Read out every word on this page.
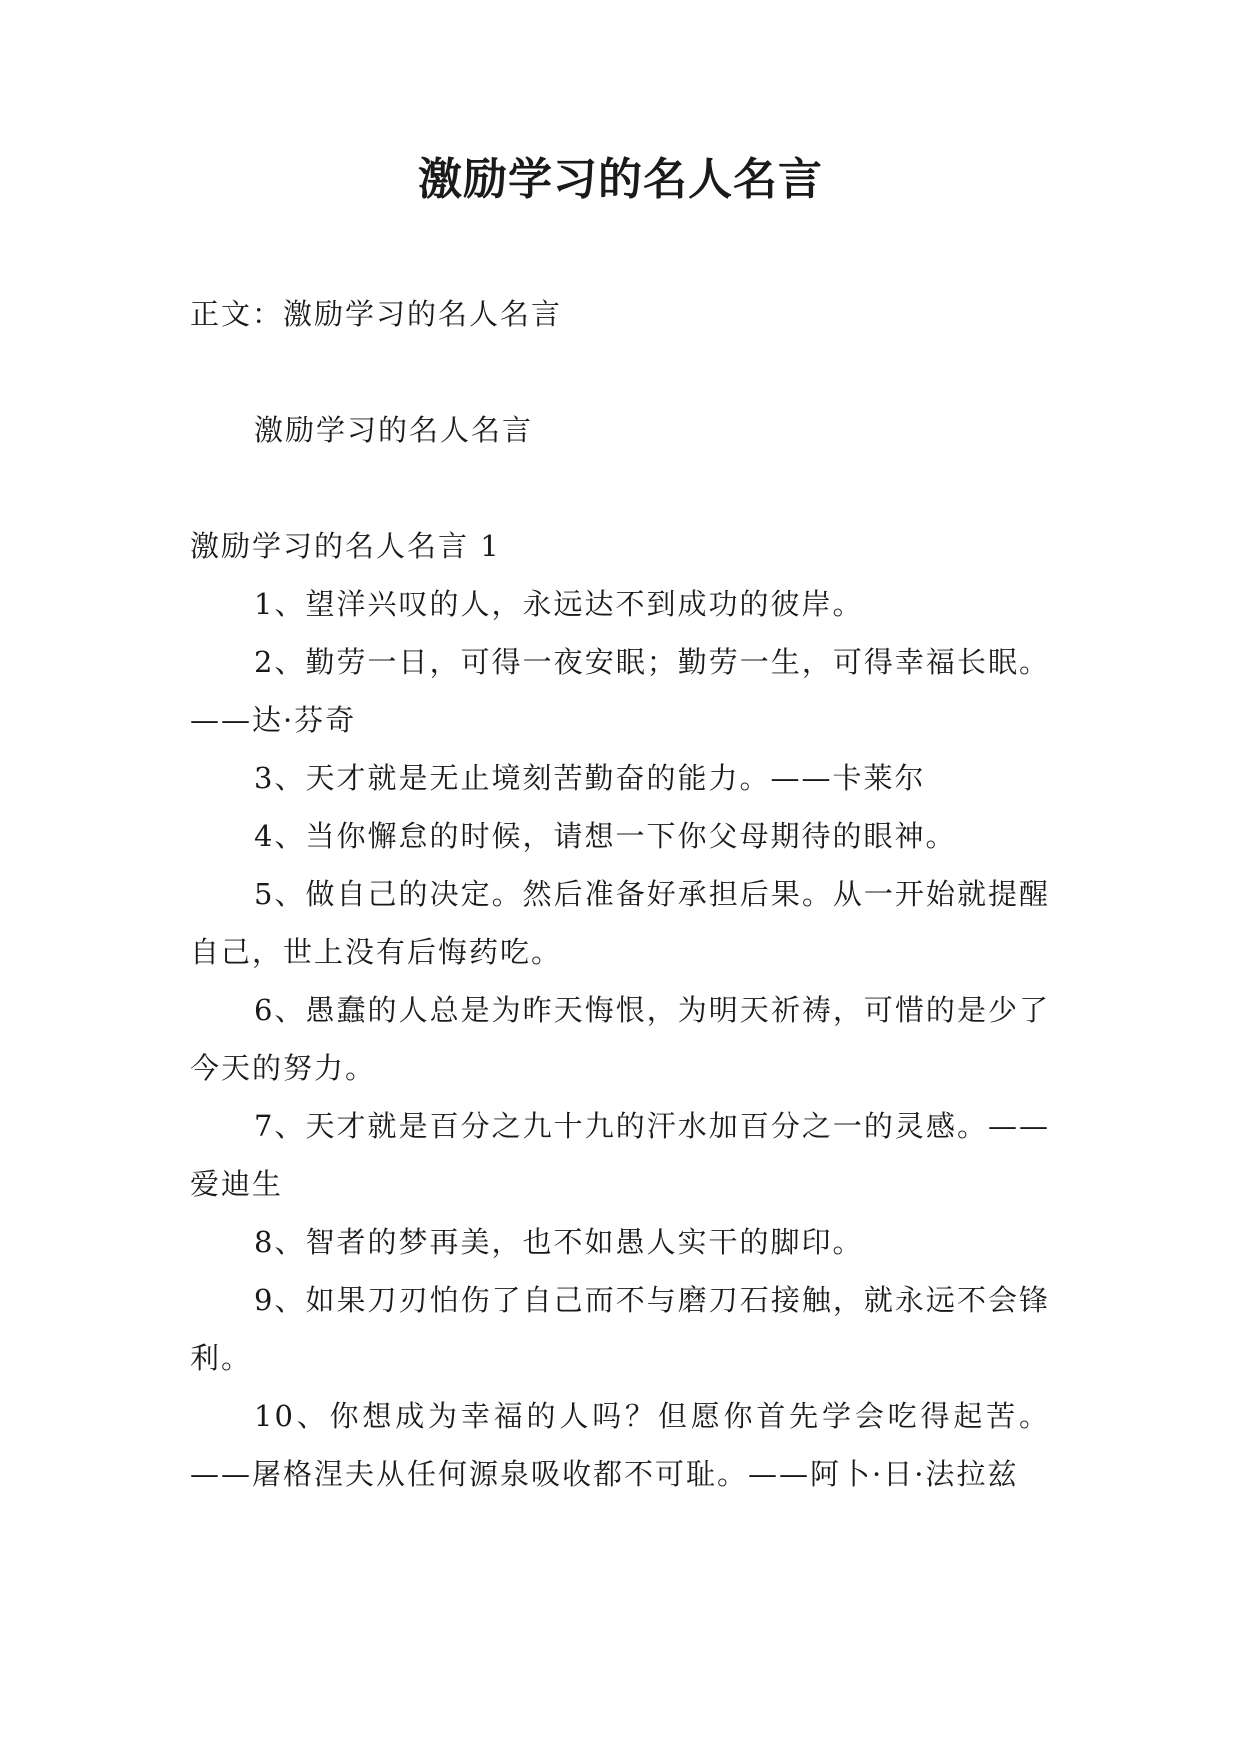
激励学习的名人名言

正文：激励学习的名人名言

激励学习的名人名言

激励学习的名人名言 1

1、望洋兴叹的人，永远达不到成功的彼岸。

2、勤劳一日，可得一夜安眠；勤劳一生，可得幸福长眠。——达·芬奇

3、天才就是无止境刻苦勤奋的能力。——卡莱尔

4、当你懈怠的时候，请想一下你父母期待的眼神。

5、做自己的决定。然后准备好承担后果。从一开始就提醒自己，世上没有后悔药吃。

6、愚蠢的人总是为昨天悔恨，为明天祈祷，可惜的是少了今天的努力。

7、天才就是百分之九十九的汗水加百分之一的灵感。——爱迪生

8、智者的梦再美，也不如愚人实干的脚印。

9、如果刀刃怕伤了自己而不与磨刀石接触，就永远不会锋利。

10、你想成为幸福的人吗？但愿你首先学会吃得起苦。——屠格涅夫从任何源泉吸收都不可耻。——阿卜·日·法拉兹
